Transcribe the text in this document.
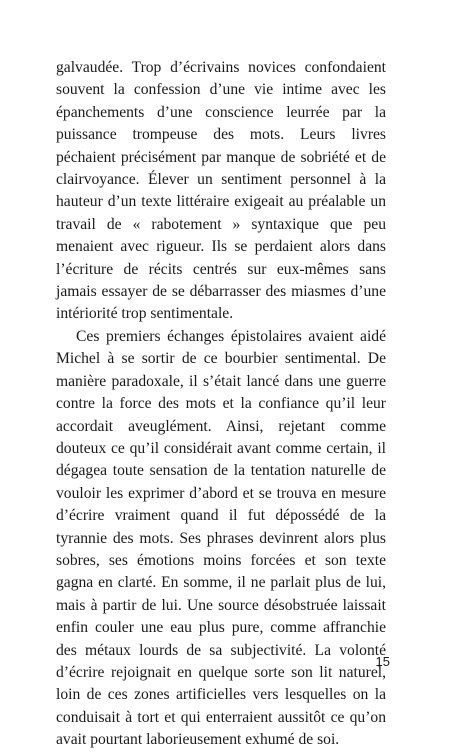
galvaudée. Trop d’écrivains novices confondaient souvent la confession d’une vie intime avec les épanchements d’une conscience leurrée par la puissance trompeuse des mots. Leurs livres péchaient précisément par manque de sobriété et de clairvoyance. Élever un sentiment personnel à la hauteur d’un texte littéraire exigeait au préalable un travail de « rabotement » syntaxique que peu menaient avec rigueur. Ils se perdaient alors dans l’écriture de récits centrés sur eux-mêmes sans jamais essayer de se débarrasser des miasmes d’une intériorité trop sentimentale.

Ces premiers échanges épistolaires avaient aidé Michel à se sortir de ce bourbier sentimental. De manière paradoxale, il s’était lancé dans une guerre contre la force des mots et la confiance qu’il leur accordait aveuglément. Ainsi, rejetant comme douteux ce qu’il considérait avant comme certain, il dégagea toute sensation de la tentation naturelle de vouloir les exprimer d’abord et se trouva en mesure d’écrire vraiment quand il fut dépossédé de la tyrannie des mots. Ses phrases devinrent alors plus sobres, ses émotions moins forcées et son texte gagna en clarté. En somme, il ne parlait plus de lui, mais à partir de lui. Une source désobstruée laissait enfin couler une eau plus pure, comme affranchie des métaux lourds de sa subjectivité. La volonté d’écrire rejoignait en quelque sorte son lit naturel, loin de ces zones artificielles vers lesquelles on la conduisait à tort et qui enterraient aussitôt ce qu’on avait pourtant laborieusement exhumé de soi.

15
